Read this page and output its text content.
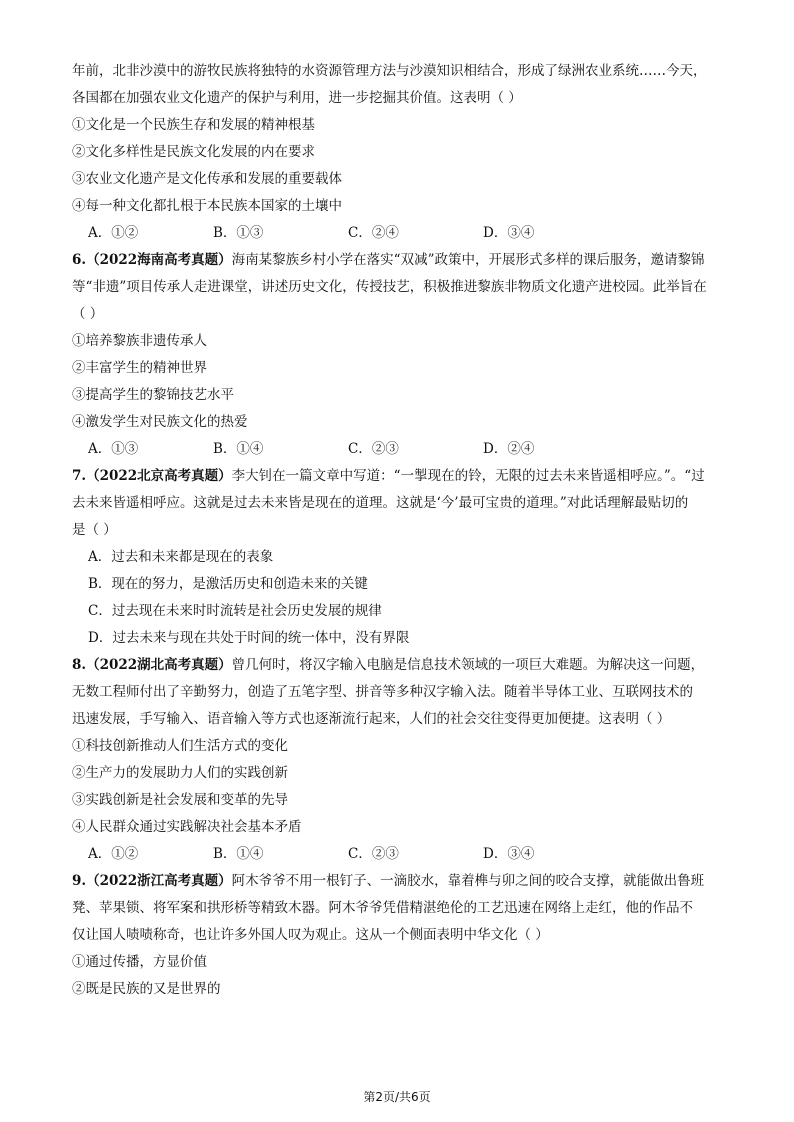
年前，北非沙漠中的游牧民族将独特的水资源管理方法与沙漠知识相结合，形成了绿洲农业系统……今天，
各国都在加强农业文化遗产的保护与利用，进一步挖掘其价值。这表明（ ）
①文化是一个民族生存和发展的精神根基
②文化多样性是民族文化发展的内在要求
③农业文化遗产是文化传承和发展的重要载体
④每一种文化都扎根于本民族本国家的土壤中
A．①②	B．①③	C．②④	D．③④
6.（2022海南高考真题）海南某黎族乡村小学在落实“双减”政策中，开展形式多样的课后服务，邀请黎锦
等“非遗”项目传承人走进课堂，讲述历史文化，传授技艺，积极推进黎族非物质文化遗产进校园。此举旨在
（ ）
①培养黎族非遗传承人
②丰富学生的精神世界
③提高学生的黎锦技艺水平
④激发学生对民族文化的热爱
A．①③	B．①④	C．②③	D．②④
7.（2022北京高考真题）李大钊在一篇文章中写道：“一掣现在的铃，无限的过去未来皆遥相呼应。”。“过
去未来皆遥相呼应。这就是过去未来皆是现在的道理。这就是‘今’最可宝贵的道理。”对此话理解最贴切的
是（ ）
A．过去和未来都是现在的表象
B．现在的努力，是激活历史和创造未来的关键
C．过去现在未来时时流转是社会历史发展的规律
D．过去未来与现在共处于时间的统一体中，没有界限
8.（2022湖北高考真题）曾几何时，将汉字输入电脑是信息技术领域的一项巨大难题。为解决这一问题，
无数工程师付出了辛勤努力，创造了五笔字型、拼音等多种汉字输入法。随着半导体工业、互联网技术的
迅速发展，手写输入、语音输入等方式也逐渐流行起来，人们的社会交往变得更加便捷。这表明（ ）
①科技创新推动人们生活方式的变化
②生产力的发展助力人们的实践创新
③实践创新是社会发展和变革的先导
④人民群众通过实践解决社会基本矛盾
A．①②	B．①④	C．②③	D．③④
9.（2022浙江高考真题）阿木爷爷不用一根钉子、一滴胶水，靠着榫与卯之间的咬合支撑，就能做出鲁班
凳、苹果锁、将军案和拱形桥等精致木器。阿木爷爷凭借精湛绝伦的工艺迅速在网络上走红，他的作品不
仅让国人啧啧称奇，也让许多外国人叹为观止。这从一个侧面表明中华文化（ ）
①通过传播，方显价值
②既是民族的又是世界的
第2页/共6页
